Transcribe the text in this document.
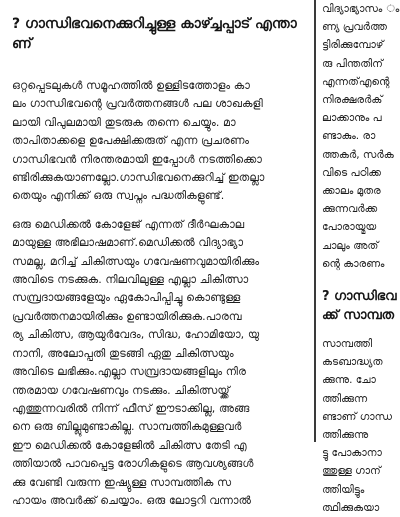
? ഗാന്ധിഭവനെക്കുറിച്ചുള്ള കാഴ്ച്ചപ്പാട് എന്താ
ണ്
ഒറ്റപ്പെടലുകൾ സമൂഹത്തിൽ ഉള്ളിടത്തോളം കാ
ലം ഗാന്ധിഭവന്റെ പ്രവർത്തനങ്ങൾ പല ശാഖകളി
ലായി വിപുലമായി തുടരുക തന്നെ ചെയ്യും. മാ
താപിതാക്കളെ ഉപേക്ഷിക്കരുത് എന്ന പ്രചരണം
ഗാന്ധിഭവൻ നിരന്തരമായി ഇപ്പോൾ നടത്തിക്കൊ
ണ്ടിരിക്കുകയാണല്ലോ.ഗാന്ധിഭവനെക്കുറിച്ച് ഇതല്ലാ
തെയും എനിക്ക് ഒരു സ്വപ്നം പദ്ധതികളുണ്ട്.
ഒരു മെഡിക്കൽ കോളേജ് എന്നത് ദീർഘകാല
മായുള്ള അഭിലാഷമാണ്.മെഡിക്കൽ വിദ്യാഭ്യാ
സമല്ല, മറിച്ച് ചികിത്സയും ഗവേഷണവുമായിരിക്കും
അവിടെ നടക്കുക. നിലവിലുള്ള എല്ലാ ചികിത്സാ
സമ്പ്രദായങ്ങളേയും ഏകോപിപ്പിച്ചു കൊണ്ടുള്ള
പ്രവർത്തനമായിരിക്കും ഉണ്ടായിരിക്കുക.പാരമ്പ
ര്യ ചികിത്സ, ആയുർവേദം, സിദ്ധ, ഹോമിയോ, യു
നാനി, അലോപ്പതി തുടങ്ങി ഏതു ചികിത്സയും
അവിടെ ലഭിക്കും.എല്ലാ സമ്പ്രദായങ്ങളിലും നിര
ന്തരമായ ഗവേഷണവും നടക്കും. ചികിത്സയ്ക്ക്
എത്തുന്നവരിൽ നിന്ന് ഫീസ് ഈടാക്കില്ല, അങ്ങ
നെ ഒരു ബില്ലുമുണ്ടാകില്ല. സാമ്പത്തികമുള്ളവർ
ഈ മെഡിക്കൽ കോളേജിൽ ചികിത്സ തേടി എ
ത്തിയാൽ പാവപ്പെട്ട രോഗികളുടെ ആവശ്യങ്ങൾ
ക്കു വേണ്ടി വരുന്ന ഇഷ്യുള്ള സാമ്പത്തിക സ
ഹായം അവർക്ക് ചെയ്യാം. ഒരു ലോട്ടറി വന്നാൽ
വിദ്യാഭ്യാസം ം
ണ്യ പ്രവർത്ത
ട്ടിരിക്കുമ്പോഴ്
രു പിന്തതിന്
എന്നത്എന്റെ
നിരക്ഷരർക്
ലാക്കാനും പ
ണ്ടാകും. രാ
ത്തകർ, സർക
വിടെ പഠിക്ക
ക്കാലം മുതര
ക്കുന്നവർക്ക
പോരായ്മയ
ചാലും അത്
ന്റെ കാരണം
? ഗാന്ധിഭവ
ക്ക് സാമ്പത
സാമ്പത്തി
കടബാദ്ധ്യത
ക്കുന്നു. ചോ
ത്തിക്കുന്ന
ണ്ടാണ് ഗാന്ധ
ത്തിക്കുന്നു
ട്ടു പോകാനാ
ത്തുള്ള ഗാന്
ത്തിയിട്ടും
ത്ഥിക്കുകയാ
